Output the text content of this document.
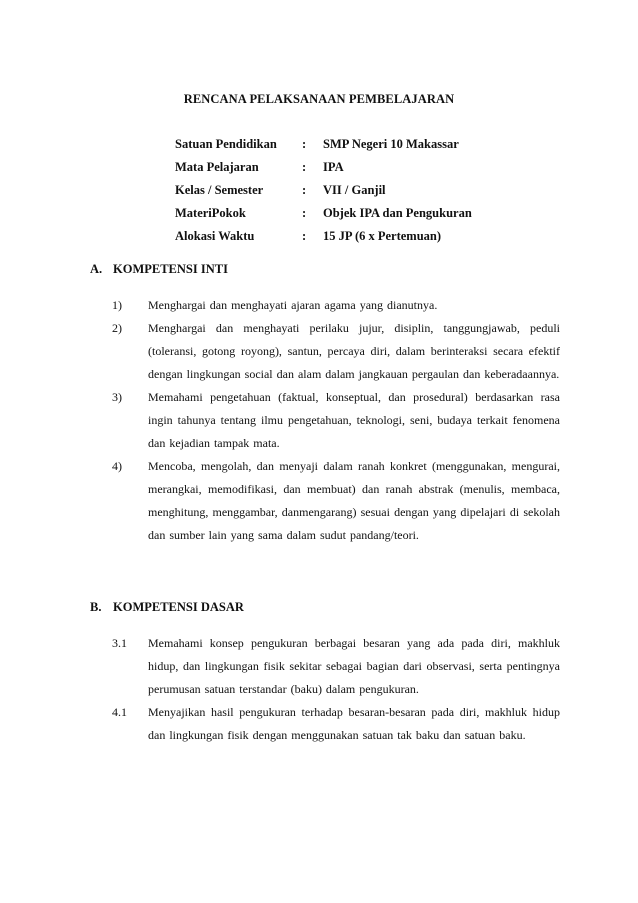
RENCANA PELAKSANAAN PEMBELAJARAN
Satuan Pendidikan	:	SMP Negeri 10 Makassar
Mata Pelajaran	:	IPA
Kelas / Semester	:	VII / Ganjil
MateriPokok	:	Objek IPA dan Pengukuran
Alokasi Waktu	:	15 JP (6 x Pertemuan)
A. KOMPETENSI INTI
1)	Menghargai dan menghayati ajaran agama yang dianutnya.
2)	Menghargai dan menghayati perilaku jujur, disiplin, tanggungjawab, peduli (toleransi, gotong royong), santun, percaya diri, dalam berinteraksi secara efektif dengan lingkungan social dan alam dalam jangkauan pergaulan dan keberadaannya.
3)	Memahami pengetahuan (faktual, konseptual, dan prosedural) berdasarkan rasa ingin tahunya tentang ilmu pengetahuan, teknologi, seni, budaya terkait fenomena dan kejadian tampak mata.
4)	Mencoba, mengolah, dan menyaji dalam ranah konkret (menggunakan, mengurai, merangkai, memodifikasi, dan membuat) dan ranah abstrak (menulis, membaca, menghitung, menggambar, danmengarang) sesuai dengan yang dipelajari di sekolah dan sumber lain yang sama dalam sudut pandang/teori.
B. KOMPETENSI DASAR
3.1	Memahami konsep pengukuran berbagai besaran yang ada pada diri, makhluk hidup, dan lingkungan fisik sekitar sebagai bagian dari observasi, serta pentingnya perumusan satuan terstandar (baku) dalam pengukuran.
4.1	Menyajikan hasil pengukuran terhadap besaran-besaran pada diri, makhluk hidup dan lingkungan fisik dengan menggunakan satuan tak baku dan satuan baku.
